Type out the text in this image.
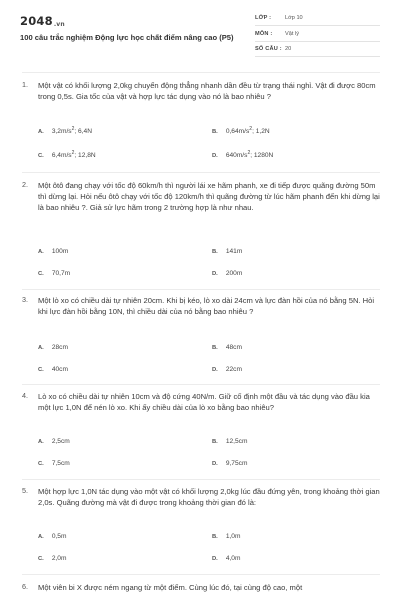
2048.vn
100 câu trắc nghiệm Động lực học chất điểm nâng cao (P5)
LỚP : Lớp 10
MÔN : Vật lý
SỐ CÂU : 20
1. Một vật có khối lượng 2,0kg chuyển động thẳng nhanh dần đều từ trạng thái nghỉ. Vật đi được 80cm trong 0,5s. Gia tốc của vật và hợp lực tác dụng vào nó là bao nhiêu ?
A. $3,2m/s^2$; 6,4N	B. $0,64m/s^2$; 1,2N
C. $6,4m/s^2$; 12,8N	D. $640m/s^2$; 1280N
2. Một ôtô đang chạy với tốc độ 60km/h thì người lái xe hãm phanh, xe đi tiếp được quãng đường 50m thì dừng lại. Hỏi nếu ôtô chạy với tốc độ 120km/h thì quãng đường từ lúc hãm phanh đến khi dừng lại là bao nhiêu ?. Giả sử lực hãm trong 2 trường hợp là như nhau.
A. 100m	B. 141m
C. 70,7m	D. 200m
3. Một lò xo có chiều dài tự nhiên 20cm. Khi bị kéo, lò xo dài 24cm và lực đàn hồi của nó bằng 5N. Hỏi khi lực đàn hồi bằng 10N, thì chiều dài của nó bằng bao nhiêu ?
A. 28cm	B. 48cm
C. 40cm	D. 22cm
4. Lò xo có chiều dài tự nhiên 10cm và độ cứng 40N/m. Giữ cố định một đầu và tác dụng vào đầu kia một lực 1,0N để nén lò xo. Khi ấy chiều dài của lò xo bằng bao nhiêu?
A. 2,5cm	B. 12,5cm
C. 7,5cm	D. 9,75cm
5. Một hợp lực 1,0N tác dụng vào một vật có khối lượng 2,0kg lúc đầu đứng yên, trong khoảng thời gian 2,0s. Quãng đường mà vật đi được trong khoảng thời gian đó là:
A. 0,5m	B. 1,0m
C. 2,0m	D. 4,0m
6. Một viên bi X được ném ngang từ một điểm. Cùng lúc đó, tại cùng độ cao, một
